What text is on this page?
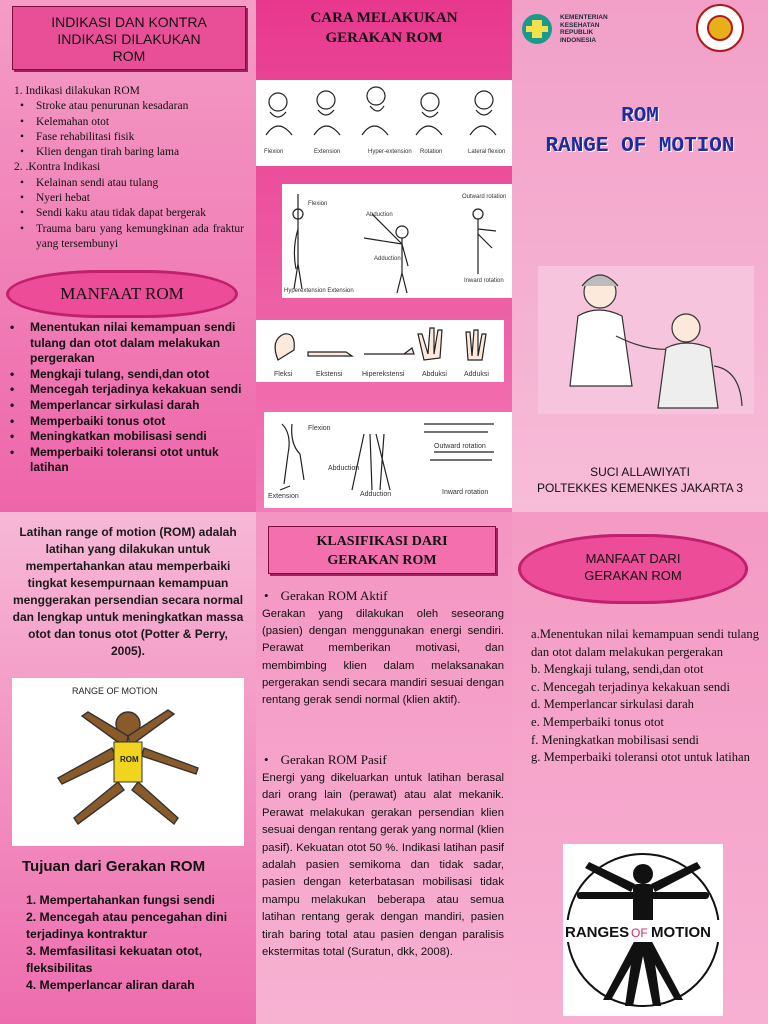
INDIKASI DAN KONTRA
INDIKASI DILAKUKAN
ROM
1. Indikasi dilakukan ROM
• Stroke atau penurunan kesadaran
• Kelemahan otot
• Fase rehabilitasi fisik
• Klien dengan tirah baring lama
2. .Kontra Indikasi
• Kelainan sendi atau tulang
• Nyeri hebat
• Sendi kaku atau tidak dapat bergerak
• Trauma baru yang kemungkinan ada fraktur yang tersembunyi
MANFAAT ROM
• Menentukan nilai kemampuan sendi tulang dan otot dalam melakukan pergerakan
• Mengkaji tulang, sendi,dan otot
• Mencegah terjadinya kekakuan sendi
• Memperlancar sirkulasi darah
• Memperbaiki tonus otot
• Meningkatkan mobilisasi sendi
• Memperbaiki toleransi otot untuk latihan
CARA MELAKUKAN
GERAKAN ROM
Flexion	Extension	Hyper-extension Rotation	Lateral flexion
Flexion
Hyperextension Extension
Abduction
Adduction
Outward rotation
Inward rotation
Fleksi	Ekstensi	Hiperekstensi	Abduksi Adduksi
Flexion
Extension
Abduction
Adduction
Outward rotation
Inward rotation
KEMENTERIAN
KESEHATAN
REPUBLIK
INDONESIA
ROM
RANGE OF MOTION
SUCI ALLAWIYATI
POLTEKKES KEMENKES JAKARTA 3

Latihan range of motion (ROM) adalah latihan yang dilakukan untuk mempertahankan atau memperbaiki tingkat kesempurnaan kemampuan menggerakan persendian secara normal dan lengkap untuk meningkatkan massa otot dan tonus otot (Potter & Perry, 2005).

RANGE OF MOTION
ROM
Tujuan dari Gerakan ROM
1. Mempertahankan fungsi sendi
2. Mencegah atau pencegahan dini terjadinya kontraktur
3. Memfasilitasi kekuatan otot, fleksibilitas
4. Memperlancar aliran darah
KLASIFIKASI DARI
GERAKAN ROM
• Gerakan ROM Aktif

Gerakan yang dilakukan oleh seseorang (pasien) dengan menggunakan energi sendiri. Perawat memberikan motivasi, dan membimbing klien dalam melaksanakan pergerakan sendi secara mandiri sesuai dengan rentang gerak sendi normal (klien aktif).

• Gerakan ROM Pasif

Energi yang dikeluarkan untuk latihan berasal dari orang lain (perawat) atau alat mekanik. Perawat melakukan gerakan persendian klien sesuai dengan rentang gerak yang normal (klien pasif). Kekuatan otot 50 %. Indikasi latihan pasif adalah pasien semikoma dan tidak sadar, pasien dengan keterbatasan mobilisasi tidak mampu melakukan beberapa atau semua latihan rentang gerak dengan mandiri, pasien tirah baring total atau pasien dengan paralisis ekstermitas total (Suratun, dkk, 2008).

MANFAAT DARI
GERAKAN ROM
a.Menentukan nilai kemampuan sendi tulang dan otot dalam melakukan pergerakan
b. Mengkaji tulang, sendi,dan otot
c. Mencegah terjadinya kekakuan sendi
d. Memperlancar sirkulasi darah
e. Memperbaiki tonus otot
f. Meningkatkan mobilisasi sendi
g. Memperbaiki toleransi otot untuk latihan
RANGES OF MOTION
